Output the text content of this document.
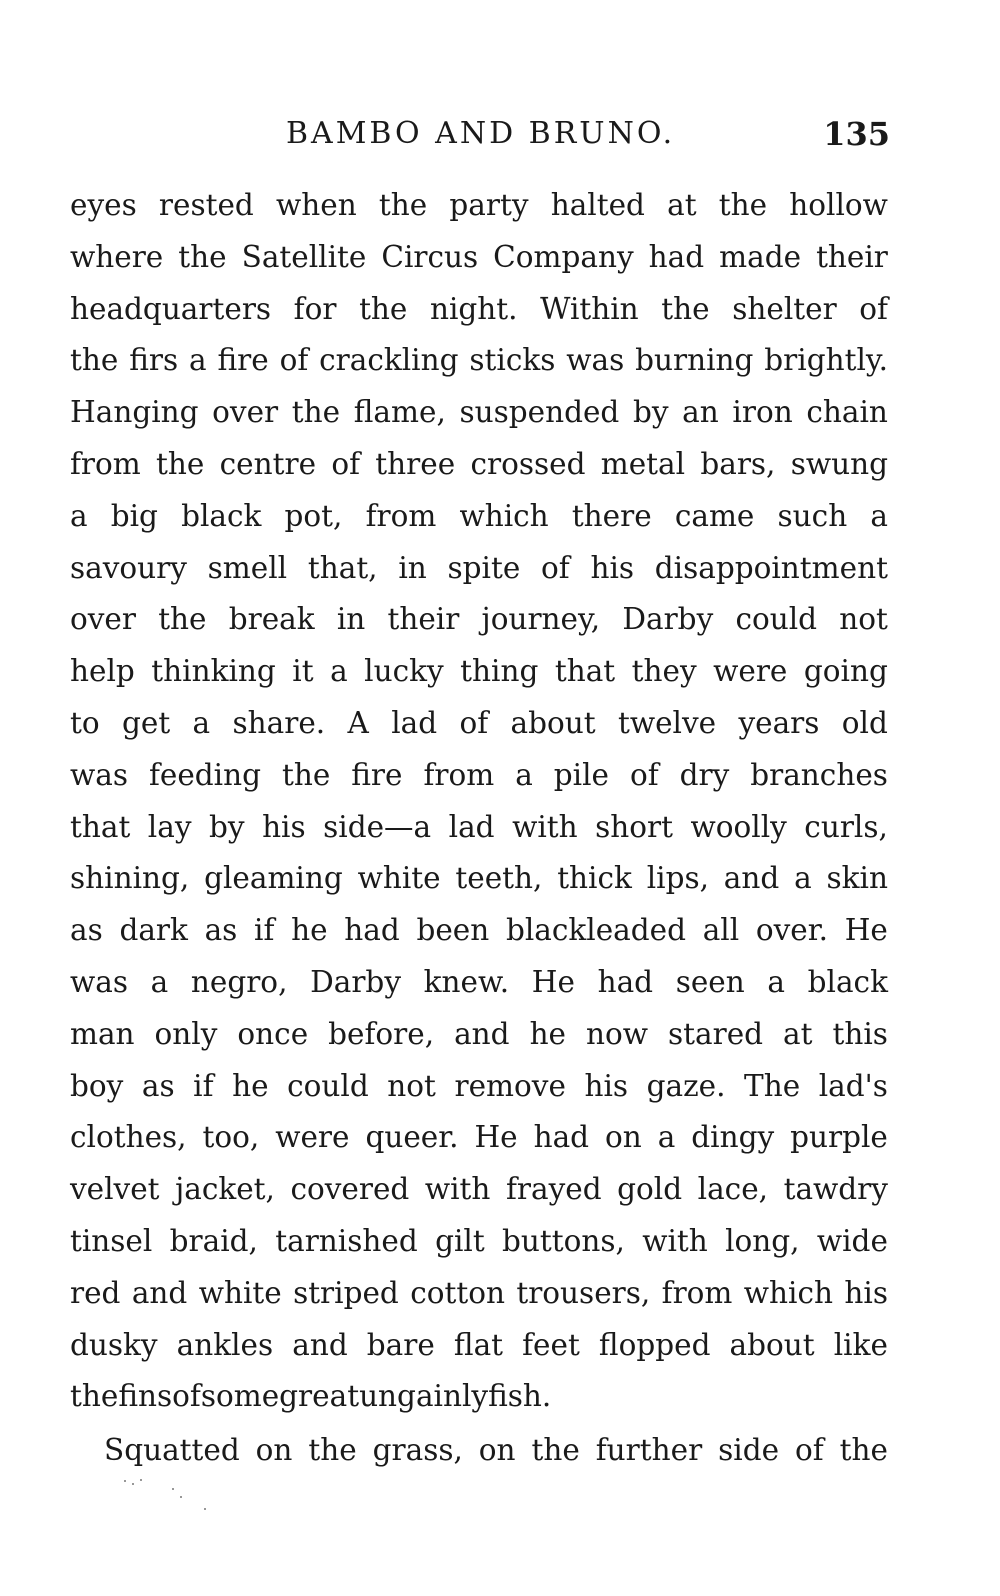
BAMBO AND BRUNO.	135
eyes rested when the party halted at the hollow
where the Satellite Circus Company had made their
headquarters for the night. Within the shelter of
the firs a fire of crackling sticks was burning brightly.
Hanging over the flame, suspended by an iron chain
from the centre of three crossed metal bars, swung
a big black pot, from which there came such a
savoury smell that, in spite of his disappointment
over the break in their journey, Darby could not
help thinking it a lucky thing that they were going
to get a share. A lad of about twelve years old
was feeding the fire from a pile of dry branches
that lay by his side—a lad with short woolly curls,
shining, gleaming white teeth, thick lips, and a skin
as dark as if he had been blackleaded all over. He
was a negro, Darby knew. He had seen a black
man only once before, and he now stared at this
boy as if he could not remove his gaze. The lad's
clothes, too, were queer. He had on a dingy purple
velvet jacket, covered with frayed gold lace, tawdry
tinsel braid, tarnished gilt buttons, with long, wide
red and white striped cotton trousers, from which his
dusky ankles and bare flat feet flopped about like
the fins of some great ungainly fish.
Squatted on the grass, on the further side of the
